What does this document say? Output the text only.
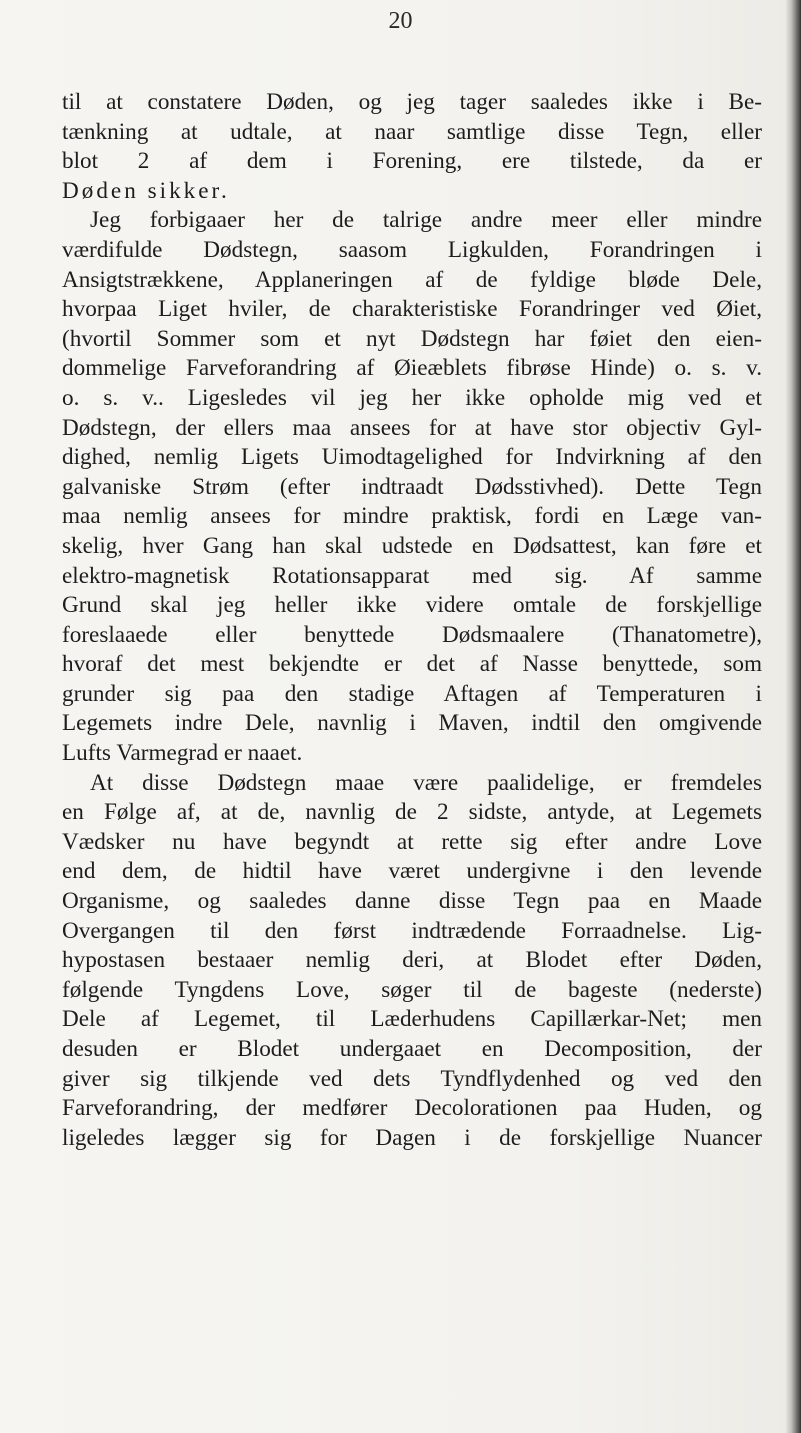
20
til at constatere Døden, og jeg tager saaledes ikke i Be-
tænkning at udtale, at naar samtlige disse Tegn, eller
blot 2 af dem i Forening, ere tilstede, da er
Døden sikker.
Jeg forbigaaer her de talrige andre meer eller mindre
værdifulde Dødstegn, saasom Ligkulden, Forandringen i
Ansigtstrækkene, Applaneringen af de fyldige bløde Dele,
hvorpaa Liget hviler, de charakteristiske Forandringer ved Øiet,
(hvortil Sommer som et nyt Dødstegn har føiet den eien-
dommelige Farveforandring af Øieæblets fibrøse Hinde) o. s. v.
o. s. v.. Ligesledes vil jeg her ikke opholde mig ved et
Dødstegn, der ellers maa ansees for at have stor objectiv Gyl-
dighed, nemlig Ligets Uimodtagelighed for Indvirkning af den
galvaniske Strøm (efter indtraadt Dødsstivhed). Dette Tegn
maa nemlig ansees for mindre praktisk, fordi en Læge van-
skelig, hver Gang han skal udstede en Dødsattest, kan føre et
elektro-magnetisk Rotationsapparat med sig. Af samme
Grund skal jeg heller ikke videre omtale de forskjellige
foreslaaede eller benyttede Dødsmaalere (Thanatometre),
hvoraf det mest bekjendte er det af Nasse benyttede, som
grunder sig paa den stadige Aftagen af Temperaturen i
Legemets indre Dele, navnlig i Maven, indtil den omgivende
Lufts Varmegrad er naaet.
At disse Dødstegn maae være paalidelige, er fremdeles
en Følge af, at de, navnlig de 2 sidste, antyde, at Legemets
Vædsker nu have begyndt at rette sig efter andre Love
end dem, de hidtil have været undergivne i den levende
Organisme, og saaledes danne disse Tegn paa en Maade
Overgangen til den først indtrædende Forraadnelse. Lig-
hypostasen bestaaer nemlig deri, at Blodet efter Døden,
følgende Tyngdens Love, søger til de bageste (nederste)
Dele af Legemet, til Læderhudens Capillærkar-Net; men
desuden er Blodet undergaaet en Decomposition, der
giver sig tilkjende ved dets Tyndflydenhed og ved den
Farveforandring, der medfører Decolorationen paa Huden, og
ligeledes lægger sig for Dagen i de forskjellige Nuancer
